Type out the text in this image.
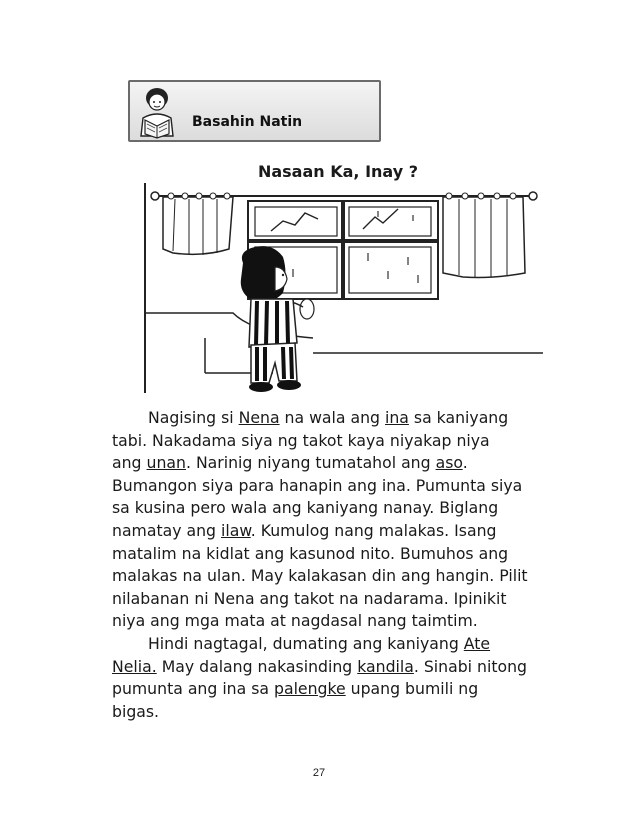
Basahin Natin
Nasaan Ka, Inay ?
Nagising si Nena na wala ang ina sa kaniyang
tabi. Nakadama siya ng takot kaya niyakap niya
ang unan. Narinig niyang tumatahol ang aso.
Bumangon siya para hanapin ang ina. Pumunta siya
sa kusina pero wala ang kaniyang nanay. Biglang
namatay ang ilaw. Kumulog nang malakas. Isang
matalim na kidlat ang kasunod nito. Bumuhos ang
malakas na ulan. May kalakasan din ang hangin. Pilit
nilabanan ni Nena ang takot na nadarama. Ipinikit
niya ang mga mata at nagdasal nang taimtim.
Hindi nagtagal, dumating ang kaniyang Ate
Nelia. May dalang nakasinding kandila. Sinabi nitong
pumunta ang ina sa palengke upang bumili ng
bigas.
27
